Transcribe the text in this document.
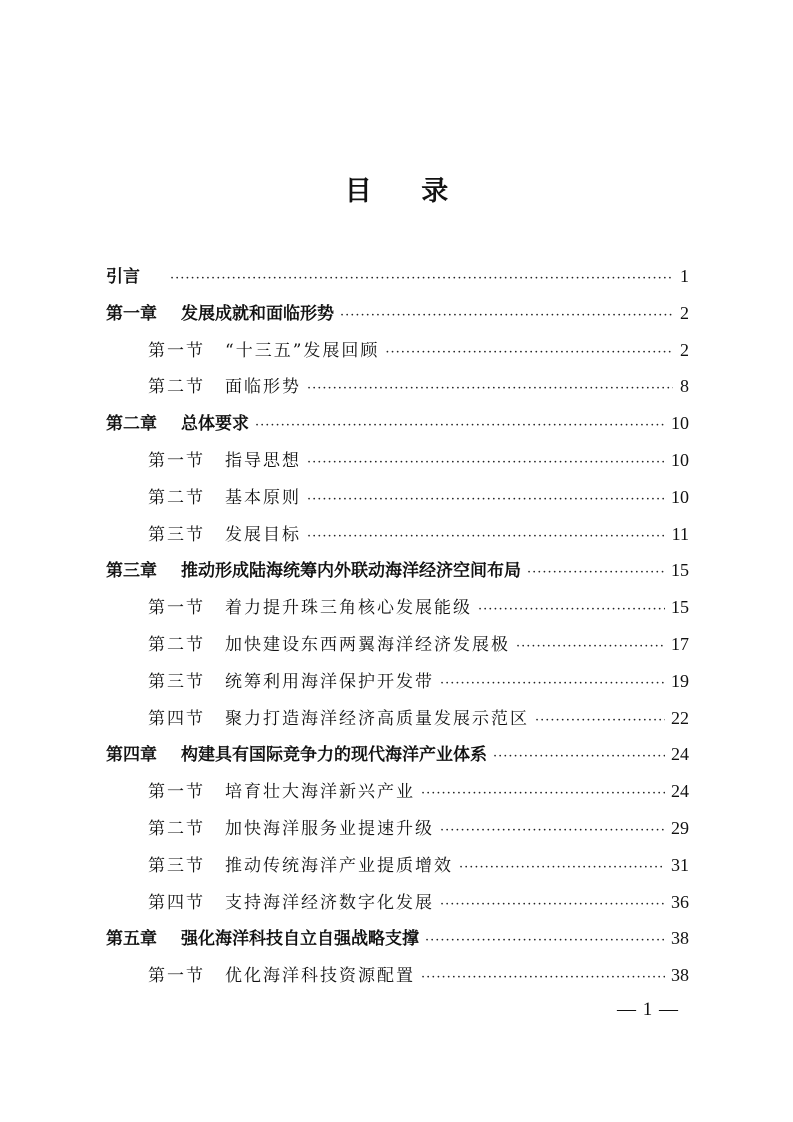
目 录
引言 ·····	1
第一章 发展成就和面临形势 ·····	2
第一节 “十三五”发展回顾 ·····	2
第二节 面临形势 ·····	8
第二章 总体要求 ·····	10
第一节 指导思想 ·····	10
第二节 基本原则 ·····	10
第三节 发展目标 ·····	11
第三章 推动形成陆海统筹内外联动海洋经济空间布局 ·····	15
第一节 着力提升珠三角核心发展能级 ·····	15
第二节 加快建设东西两翼海洋经济发展极 ·····	17
第三节 统筹利用海洋保护开发带 ·····	19
第四节 聚力打造海洋经济高质量发展示范区 ·····	22
第四章 构建具有国际竞争力的现代海洋产业体系 ·····	24
第一节 培育壮大海洋新兴产业 ·····	24
第二节 加快海洋服务业提速升级 ·····	29
第三节 推动传统海洋产业提质增效 ·····	31
第四节 支持海洋经济数字化发展 ·····	36
第五章 强化海洋科技自立自强战略支撑 ·····	38
第一节 优化海洋科技资源配置 ·····	38
— 1 —
